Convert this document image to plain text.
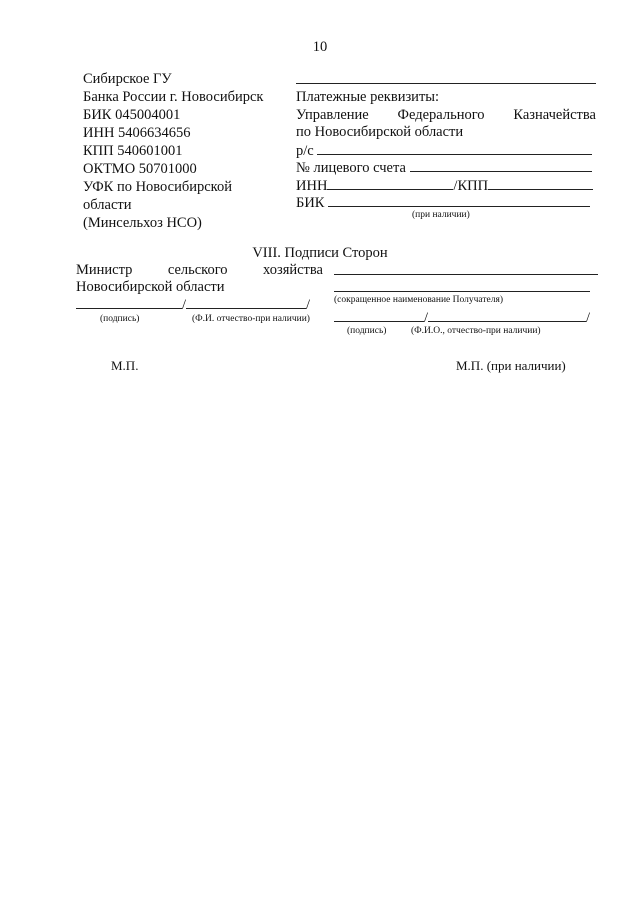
10
Сибирское ГУ
Банка России г. Новосибирск
БИК 045004001
ИНН 5406634656
КПП 540601001
ОКТМО 50701000
УФК по Новосибирской
области
(Минсельхоз НСО)
Платежные реквизиты:
Управление Федерального Казначейства
по Новосибирской области
р/с
№ лицевого счета
ИНН	/КПП
БИК
(при наличии)
VIII. Подписи Сторон
Министр сельского хозяйства
Новосибирской области
(сокращенное наименование Получателя)
/	/
(подпись)	(Ф.И. отчество-при наличии)	/	/
(подпись)	(Ф.И.О., отчество-при наличии)
М.П.	М.П. (при наличии)
